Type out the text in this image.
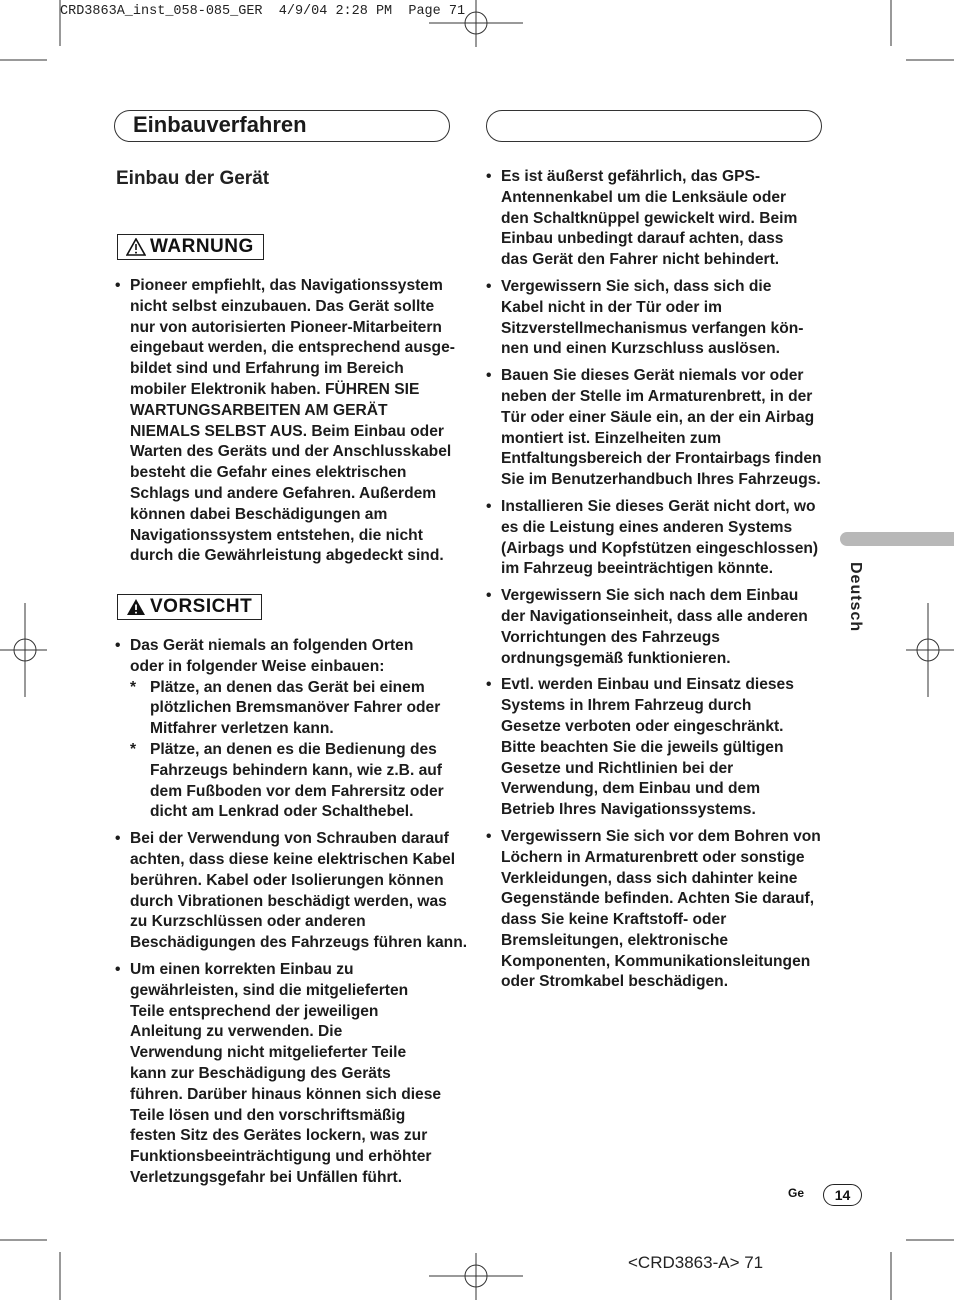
CRD3863A_inst_058-085_GER  4/9/04 2:28 PM  Page 71
Einbauverfahren
Einbau der Gerät
WARNUNG
• Pioneer empfiehlt, das Navigationssystem
nicht selbst einzubauen. Das Gerät sollte
nur von autorisierten Pioneer-Mitarbeitern
eingebaut werden, die entsprechend ausge-
bildet sind und Erfahrung im Bereich
mobiler Elektronik haben. FÜHREN SIE
WARTUNGSARBEITEN AM GERÄT
NIEMALS SELBST AUS. Beim Einbau oder
Warten des Geräts und der Anschlusskabel
besteht die Gefahr eines elektrischen
Schlags und andere Gefahren. Außerdem
können dabei Beschädigungen am
Navigationssystem entstehen, die nicht
durch die Gewährleistung abgedeckt sind.
VORSICHT
• Das Gerät niemals an folgenden Orten
oder in folgender Weise einbauen:
* Plätze, an denen das Gerät bei einem
plötzlichen Bremsmanöver Fahrer oder
Mitfahrer verletzen kann.
* Plätze, an denen es die Bedienung des
Fahrzeugs behindern kann, wie z.B. auf
dem Fußboden vor dem Fahrersitz oder
dicht am Lenkrad oder Schalthebel.
• Bei der Verwendung von Schrauben darauf
achten, dass diese keine elektrischen Kabel
berühren. Kabel oder Isolierungen können
durch Vibrationen beschädigt werden, was
zu Kurzschlüssen oder anderen
Beschädigungen des Fahrzeugs führen kann.
• Um einen korrekten Einbau zu
gewährleisten, sind die mitgelieferten
Teile entsprechend der jeweiligen
Anleitung zu verwenden. Die
Verwendung nicht mitgelieferter Teile
kann zur Beschädigung des Geräts
führen. Darüber hinaus können sich diese
Teile lösen und den vorschriftsmäßig
festen Sitz des Gerätes lockern, was zur
Funktionsbeeinträchtigung und erhöhter
Verletzungsgefahr bei Unfällen führt.
• Es ist äußerst gefährlich, das GPS-
Antennenkabel um die Lenksäule oder
den Schaltknüppel gewickelt wird. Beim
Einbau unbedingt darauf achten, dass
das Gerät den Fahrer nicht behindert.
• Vergewissern Sie sich, dass sich die
Kabel nicht in der Tür oder im
Sitzverstellmechanismus verfangen kön-
nen und einen Kurzschluss auslösen.
• Bauen Sie dieses Gerät niemals vor oder
neben der Stelle im Armaturenbrett, in der
Tür oder einer Säule ein, an der ein Airbag
montiert ist. Einzelheiten zum
Entfaltungsbereich der Frontairbags finden
Sie im Benutzerhandbuch Ihres Fahrzeugs.
• Installieren Sie dieses Gerät nicht dort, wo
es die Leistung eines anderen Systems
(Airbags und Kopfstützen eingeschlossen)
im Fahrzeug beeinträchtigen könnte.
• Vergewissern Sie sich nach dem Einbau
der Navigationseinheit, dass alle anderen
Vorrichtungen des Fahrzeugs
ordnungsgemäß funktionieren.
• Evtl. werden Einbau und Einsatz dieses
Systems in Ihrem Fahrzeug durch
Gesetze verboten oder eingeschränkt.
Bitte beachten Sie die jeweils gültigen
Gesetze und Richtlinien bei der
Verwendung, dem Einbau und dem
Betrieb Ihres Navigationssystems.
• Vergewissern Sie sich vor dem Bohren von
Löchern in Armaturenbrett oder sonstige
Verkleidungen, dass sich dahinter keine
Gegenstände befinden. Achten Sie darauf,
dass Sie keine Kraftstoff- oder
Bremsleitungen, elektronische
Komponenten, Kommunikationsleitungen
oder Stromkabel beschädigen.
Deutsch
Ge	14
<CRD3863-A> 71
